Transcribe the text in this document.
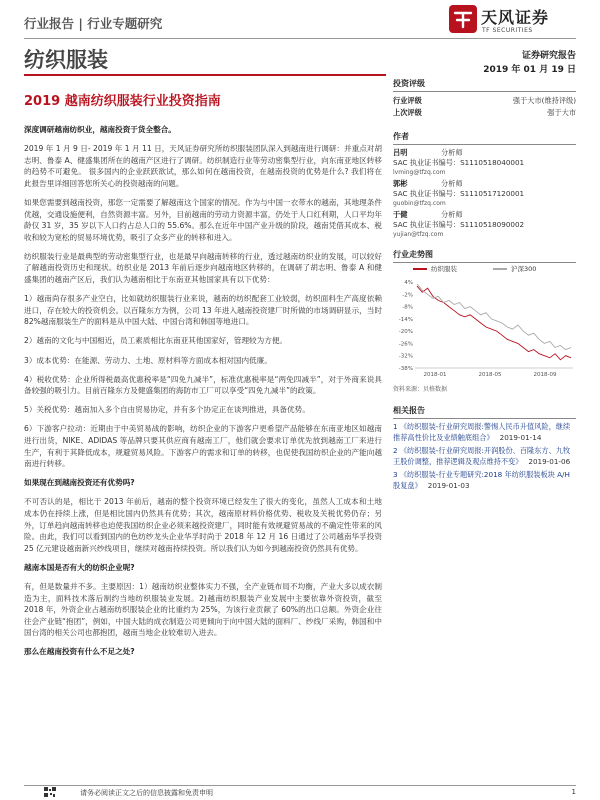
行业报告 | 行业专题研究	天风证券
TF SECURITIES
纺织服装	证券研究报告
2019 年 01 月 19 日
2019 越南纺织服装行业投资指南

深度调研越南纺织业，越南投资于货全整合。

2019 年 1 月 9 日- 2019 年 1 月 11 日，天风证券研究所纺织服装团队深入到越南进行调研：并重点对胡志明、鲁泰 A、健盛集团所在的越南产区进行了调研。纺织制造行业等劳动密集型行业，向东南亚地区转移的趋势不可避免。 很多国内的企业跃跃欲试，那么如何在越南投资，在越南投资的优势是什么? 我们将在此报告里详细回答您所关心的投资越南的问题。

如果您需要到越南投资，那您一定需要了解越南这个国家的情况。作为与中国一衣带水的越南，其地理条件优越，交通设施便利，自然资源丰富。另外，目前越南的劳动力资源丰富，仍处于人口红利期，人口平均年龄仅 31 岁，35 岁以下人口约占总人口的 55.6%。那么在近年中国产业升级的阶段，越南凭借其成本、税收和较为宽松的贸易环境优势，吸引了众多产业的转移和进入。

纺织服装行业是最典型的劳动密集型行业，也是最早向越南转移的行业，透过越南纺织业的发展，可以较好了解越南投资历史和现状。纺织业是 2013 年前后逐步向越南地区转移的，在调研了胡志明、鲁泰 A 和健盛集团的越南产区后，我们认为越南相比于东南亚其他国家具有以下优势：

1）越南尚存很多产业空白，比如就纺织服装行业来说，越南的纺织配套工业较弱，纺织面料生产高度依赖进口，存在较大的投资机会。以百隆东方为例，公司 13 年进入越南投资建厂时所做的市场调研显示，当时 82%越南服装生产的面料是从中国大陆、中国台湾和韩国等地进口。

2）越南的文化与中国相近，员工素质相比东南亚其他国家好，管理较为方便。

3）成本优势：在能源、劳动力、土地、原材料等方面成本相对国内低廉。

4）税收优势：企业所得税最高优惠税率是“四免九减半”，标准优惠税率是“两免四减半”，对于外商来说具备较强的吸引力。目前百隆东方及健盛集团的海防市工厂可以享受“四免九减半”的政策。

5）关税优势：越南加入多个自由贸易协定，并有多个协定正在谈判推进，具备优势。

6）下游客户拉动：近期由于中美贸易战的影响，纺织企业的下游客户更希望产品能够在东南亚地区如越南进行出货，NIKE、ADIDAS 等品牌只要其供应商有越南工厂，他们就会要求订单优先放到越南工厂来进行生产，有利于其降低成本，规避贸易风险。下游客户的需求和订单的转移，也促使我国纺织企业的产能向越南进行转移。

如果现在到越南投资还有优势吗?

不可否认的是，相比于 2013 年前后，越南的整个投资环境已经发生了很大的变化，虽然人工成本和土地成本仍在持续上涨，但是相比国内仍然具有优势；其次，越南原材料价格优势、税收及关税优势仍存；另外，订单趋向越南转移也迫使我国纺织企业必须来越投资建厂，同时能有效规避贸易战的不确定性带来的风险。由此，我们可以看到国内的色纺纱龙头企业华孚时尚于 2018 年 12 月 16 日通过了公司越南华孚投资 25 亿元建设越南新兴纱线项目，继续对越南持续投资。所以我们认为如今到越南投资仍然具有优势。

越南本国是否有大的纺织企业呢?

有，但是数量并不多。主要原因：1）越南纺织业整体实力不强，全产业链布局不均衡，产业大多以成衣制造为主，面料技术落后制约当地纺织服装业发展。2)越南纺织服装产业发展中主要依靠外资投资，截至 2018 年，外资企业占越南纺织服装企业的比重约为 25%，为该行业贡献了 60%的出口总额。外资企业往往会产业链“抱团”，例如，中国大陆的成衣制造公司更倾向于向中国大陆的面料厂、纱线厂采购，韩国和中国台湾的相关公司也都抱团，越南当地企业较难切入进去。

那么在越南投资有什么不足之处?

投资评级
行业评级	强于大市(维持评级)
上次评级	强于大市
作者
吕明	分析师
SAC 执业证书编号：S1110518040001
lvming@tfzq.com
郭彬	分析师
SAC 执业证书编号：S1110517120001
guobin@tfzq.com
于健	分析师
SAC 执业证书编号：S1110518090002
yujian@tfzq.com
行业走势图
纺织服装	沪深300
4%
-2%
-8%
-14%
-20%
-26%
-32%
-38%
2018-01	2018-05	2018-09
资料来源：贝格数据
相关报告
1 《纺织服装-行业研究周报:警惕人民币升值风险，继续推荐高性价比及业绩触底组合》 2019-01-14
2 《纺织服装-行业研究周报:开润股份、百隆东方、九牧王股价调整，推荐逻辑及观点维持不变》 2019-01-06
3 《纺织服装-行业专题研究:2018 年纺织服装板块 A/H 股复盘》 2019-01-03
请务必阅读正文之后的信息披露和免责申明	1
